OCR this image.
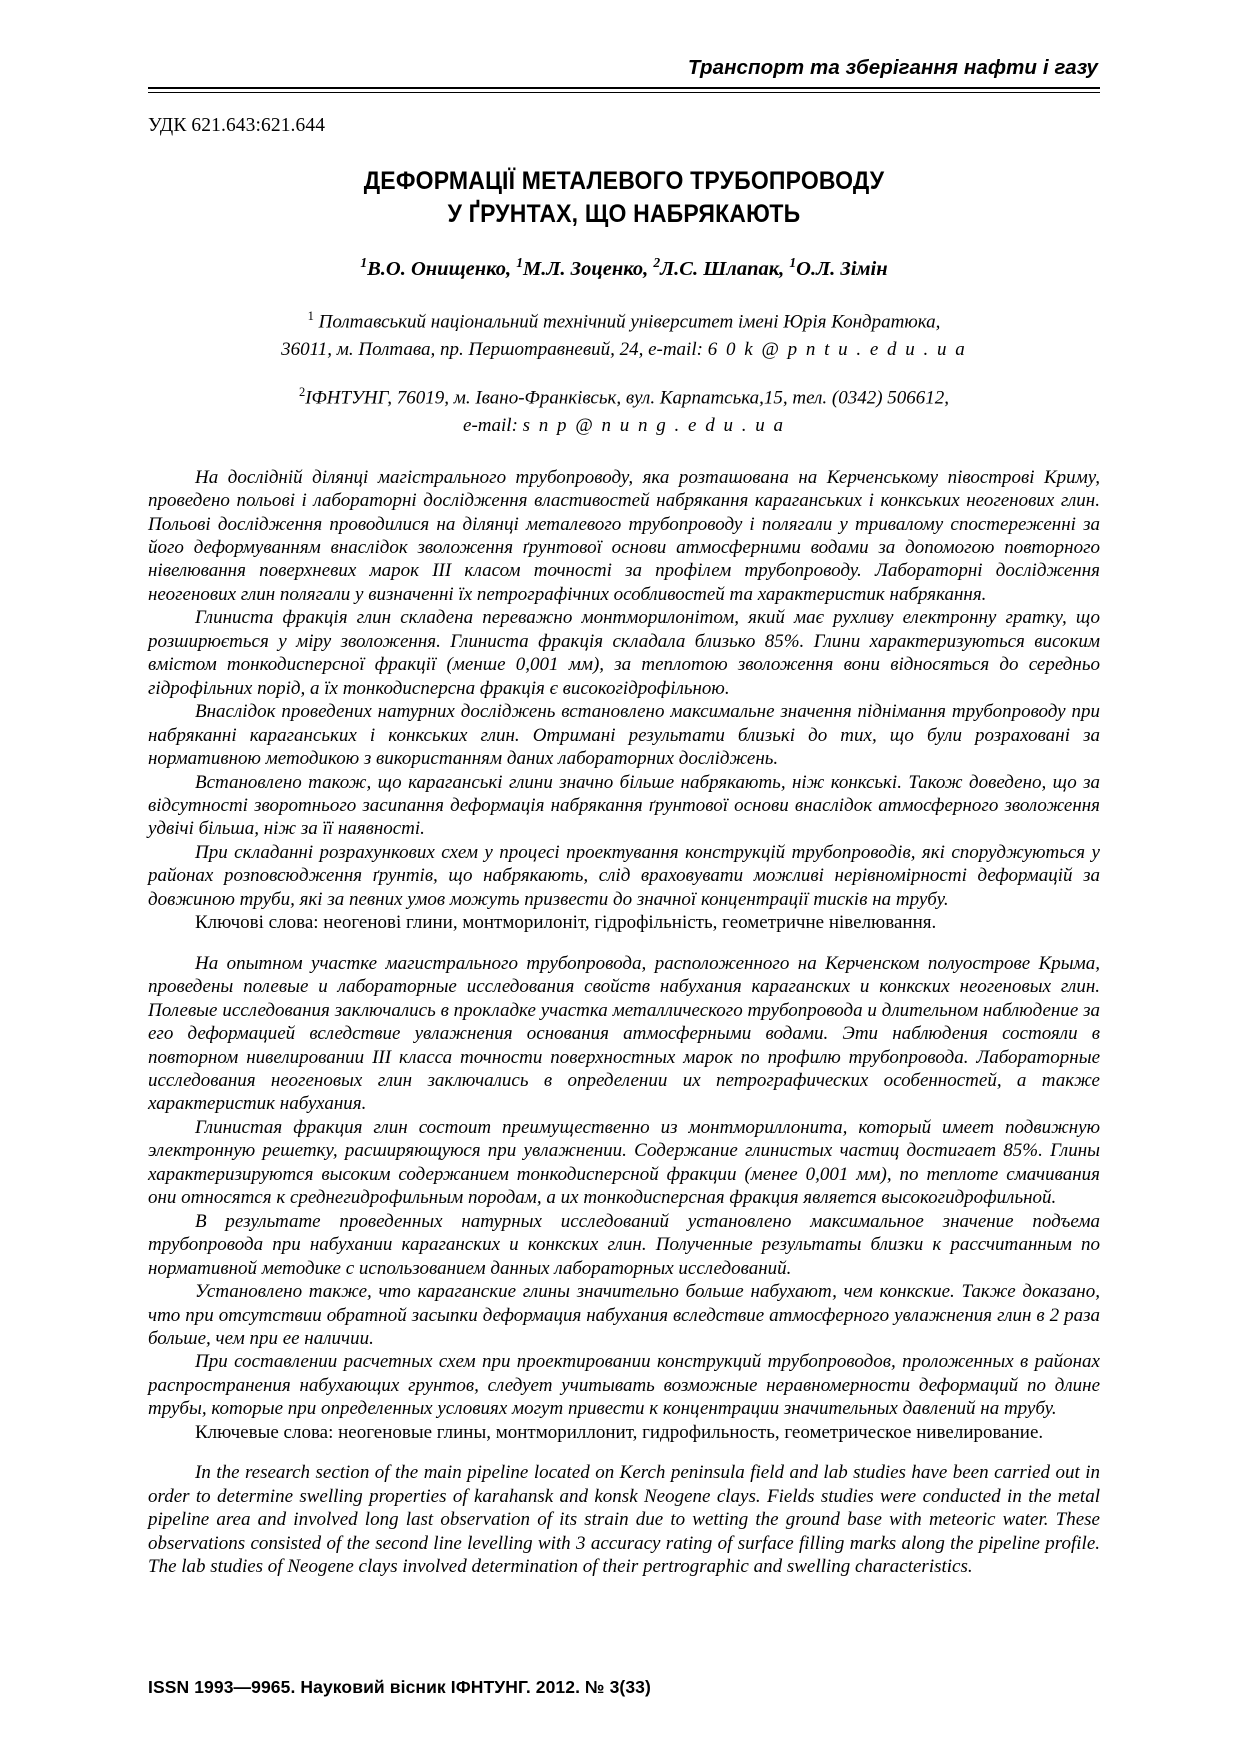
Транспорт та зберігання нафти і газу
УДК 621.643:621.644
ДЕФОРМАЦІЇ МЕТАЛЕВОГО ТРУБОПРОВОДУ
У ҐРУНТАХ, ЩО НАБРЯКАЮТЬ
$^1$В.О. Онищенко, $^1$М.Л. Зоценко, $^2$Л.С. Шлапак, $^1$О.Л. Зімін
$^1$ Полтавський національний технічний університет імені Юрія Кондратюка,
36011, м. Полтава, пр. Першотравневий, 24, e-mail: 6 0 k @ p n t u . e d u . u a
$^2$ІФНТУНГ, 76019, м. Івано-Франківськ, вул. Карпатська,15, тел. (0342) 506612,
e-mail: s n p @ n u n g . e d u . u a

На дослідній ділянці магістрального трубопроводу, яка розташована на Керченському півострові Криму, проведено польові і лабораторні дослідження властивостей набрякання караганських і конкських неогенових глин. Польові дослідження проводилися на ділянці металевого трубопроводу і полягали у тривалому спостереженні за його деформуванням внаслідок зволоження ґрунтової основи атмосферними водами за допомогою повторного нівелювання поверхневих марок III класом точності за профілем трубопроводу. Лабораторні дослідження неогенових глин полягали у визначенні їх петрографічних особливостей та характеристик набрякання.

Глиниста фракція глин складена переважно монтморилонітом, який має рухливу електронну гратку, що розширюється у міру зволоження. Глиниста фракція складала близько 85%. Глини характеризуються високим вмістом тонкодисперсної фракції (менше 0,001 мм), за теплотою зволоження вони відносяться до середньо гідрофільних порід, а їх тонкодисперсна фракція є високогідрофільною.

Внаслідок проведених натурних досліджень встановлено максимальне значення піднімання трубопроводу при набряканні караганських і конкських глин. Отримані результати близькі до тих, що були розраховані за нормативною методикою з використанням даних лабораторних досліджень.

Встановлено також, що караганські глини значно більше набрякають, ніж конкські. Також доведено, що за відсутності зворотнього засипання деформація набрякання ґрунтової основи внаслідок атмосферного зволоження удвічі більша, ніж за її наявності.

При складанні розрахункових схем у процесі проектування конструкцій трубопроводів, які споруджуються у районах розповсюдження ґрунтів, що набрякають, слід враховувати можливі нерівномірності деформацій за довжиною труби, які за певних умов можуть призвести до значної концентрації тисків на трубу.

Ключові слова: неогенові глини, монтморилоніт, гідрофільність, геометричне нівелювання.

На опытном участке магистрального трубопровода, расположенного на Керченском полуострове Крыма, проведены полевые и лабораторные исследования свойств набухания караганских и конкских неогеновых глин. Полевые исследования заключались в прокладке участка металлического трубопровода и длительном наблюдение за его деформацией вследствие увлажнения основания атмосферными водами. Эти наблюдения состояли в повторном нивелировании III класса точности поверхностных марок по профилю трубопровода. Лабораторные исследования неогеновых глин заключались в определении их петрографических особенностей, а также характеристик набухания.

Глинистая фракция глин состоит преимущественно из монтмориллонита, который имеет подвижную электронную решетку, расширяющуюся при увлажнении. Содержание глинистых частиц достигает 85%. Глины характеризируются высоким содержанием тонкодисперсной фракции (менее 0,001 мм), по теплоте смачивания они относятся к среднегидрофильным породам, а их тонкодисперсная фракция является высокогидрофильной.

В результате проведенных натурных исследований установлено максимальное значение подъема трубопровода при набухании караганских и конкских глин. Полученные результаты близки к рассчитанным по нормативной методике с использованием данных лабораторных исследований.

Установлено также, что караганские глины значительно больше набухают, чем конкские. Также доказано, что при отсутствии обратной засыпки деформация набухания вследствие атмосферного увлажнения глин в 2 раза больше, чем при ее наличии.

При составлении расчетных схем при проектировании конструкций трубопроводов, проложенных в районах распространения набухающих грунтов, следует учитывать возможные неравномерности деформаций по длине трубы, которые при определенных условиях могут привести к концентрации значительных давлений на трубу.

Ключевые слова: неогеновые глины, монтмориллонит, гидрофильность, геометрическое нивелирование.

In the research section of the main pipeline located on Kerch peninsula field and lab studies have been carried out in order to determine swelling properties of karahansk and konsk Neogene clays. Fields studies were conducted in the metal pipeline area and involved long last observation of its strain due to wetting the ground base with meteoric water. These observations consisted of the second line levelling with 3 accuracy rating of surface filling marks along the pipeline profile. The lab studies of Neogene clays involved determination of their pertrographic and swelling characteristics.

ISSN 1993—9965. Науковий вісник ІФНТУНГ. 2012. № 3(33)
